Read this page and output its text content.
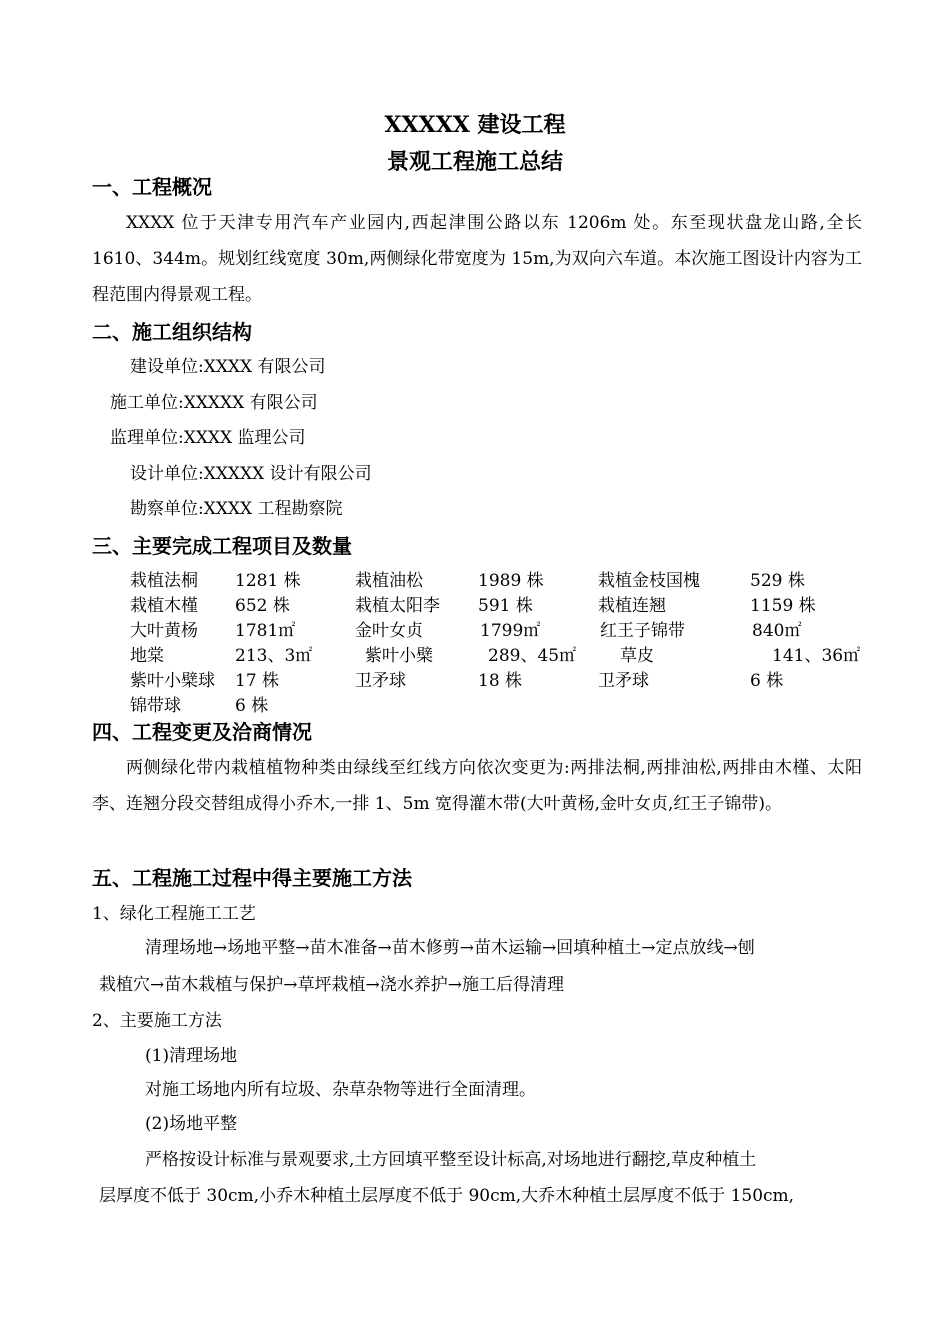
XXXXX 建设工程
景观工程施工总结
一、工程概况
XXXX 位于天津专用汽车产业园内,西起津围公路以东 1206m 处。东至现状盘龙山路,全长 1610、344m。规划红线宽度 30m,两侧绿化带宽度为 15m,为双向六车道。本次施工图设计内容为工程范围内得景观工程。
二、施工组织结构
建设单位:XXXX 有限公司
施工单位:XXXXX 有限公司
监理单位:XXXX 监理公司
设计单位:XXXXX 设计有限公司
勘察单位:XXXX 工程勘察院
三、主要完成工程项目及数量
栽植法桐 1281 株	栽植油松	1989 株	栽植金枝国槐	529 株
栽植木槿 652 株	栽植太阳李 591 株	栽植连翘	1159 株
大叶黄杨 1781㎡	金叶女贞	1799㎡	红王子锦带	840㎡
地棠	213、3㎡	紫叶小檗	289、45㎡	草皮	141、36㎡
紫叶小檗球 17 株	卫矛球	18 株	卫矛球	6 株
锦带球	6 株
四、工程变更及洽商情况
两侧绿化带内栽植植物种类由绿线至红线方向依次变更为:两排法桐,两排油松,两排由木槿、太阳李、连翘分段交替组成得小乔木,一排 1、5m 宽得灌木带(大叶黄杨,金叶女贞,红王子锦带)。
五、工程施工过程中得主要施工方法
1、绿化工程施工工艺
清理场地→场地平整→苗木准备→苗木修剪→苗木运输→回填种植土→定点放线→刨
栽植穴→苗木栽植与保护→草坪栽植→浇水养护→施工后得清理
2、主要施工方法
(1)清理场地
对施工场地内所有垃圾、杂草杂物等进行全面清理。
(2)场地平整
严格按设计标准与景观要求,土方回填平整至设计标高,对场地进行翻挖,草皮种植土
层厚度不低于 30cm,小乔木种植土层厚度不低于 90cm,大乔木种植土层厚度不低于 150cm,
